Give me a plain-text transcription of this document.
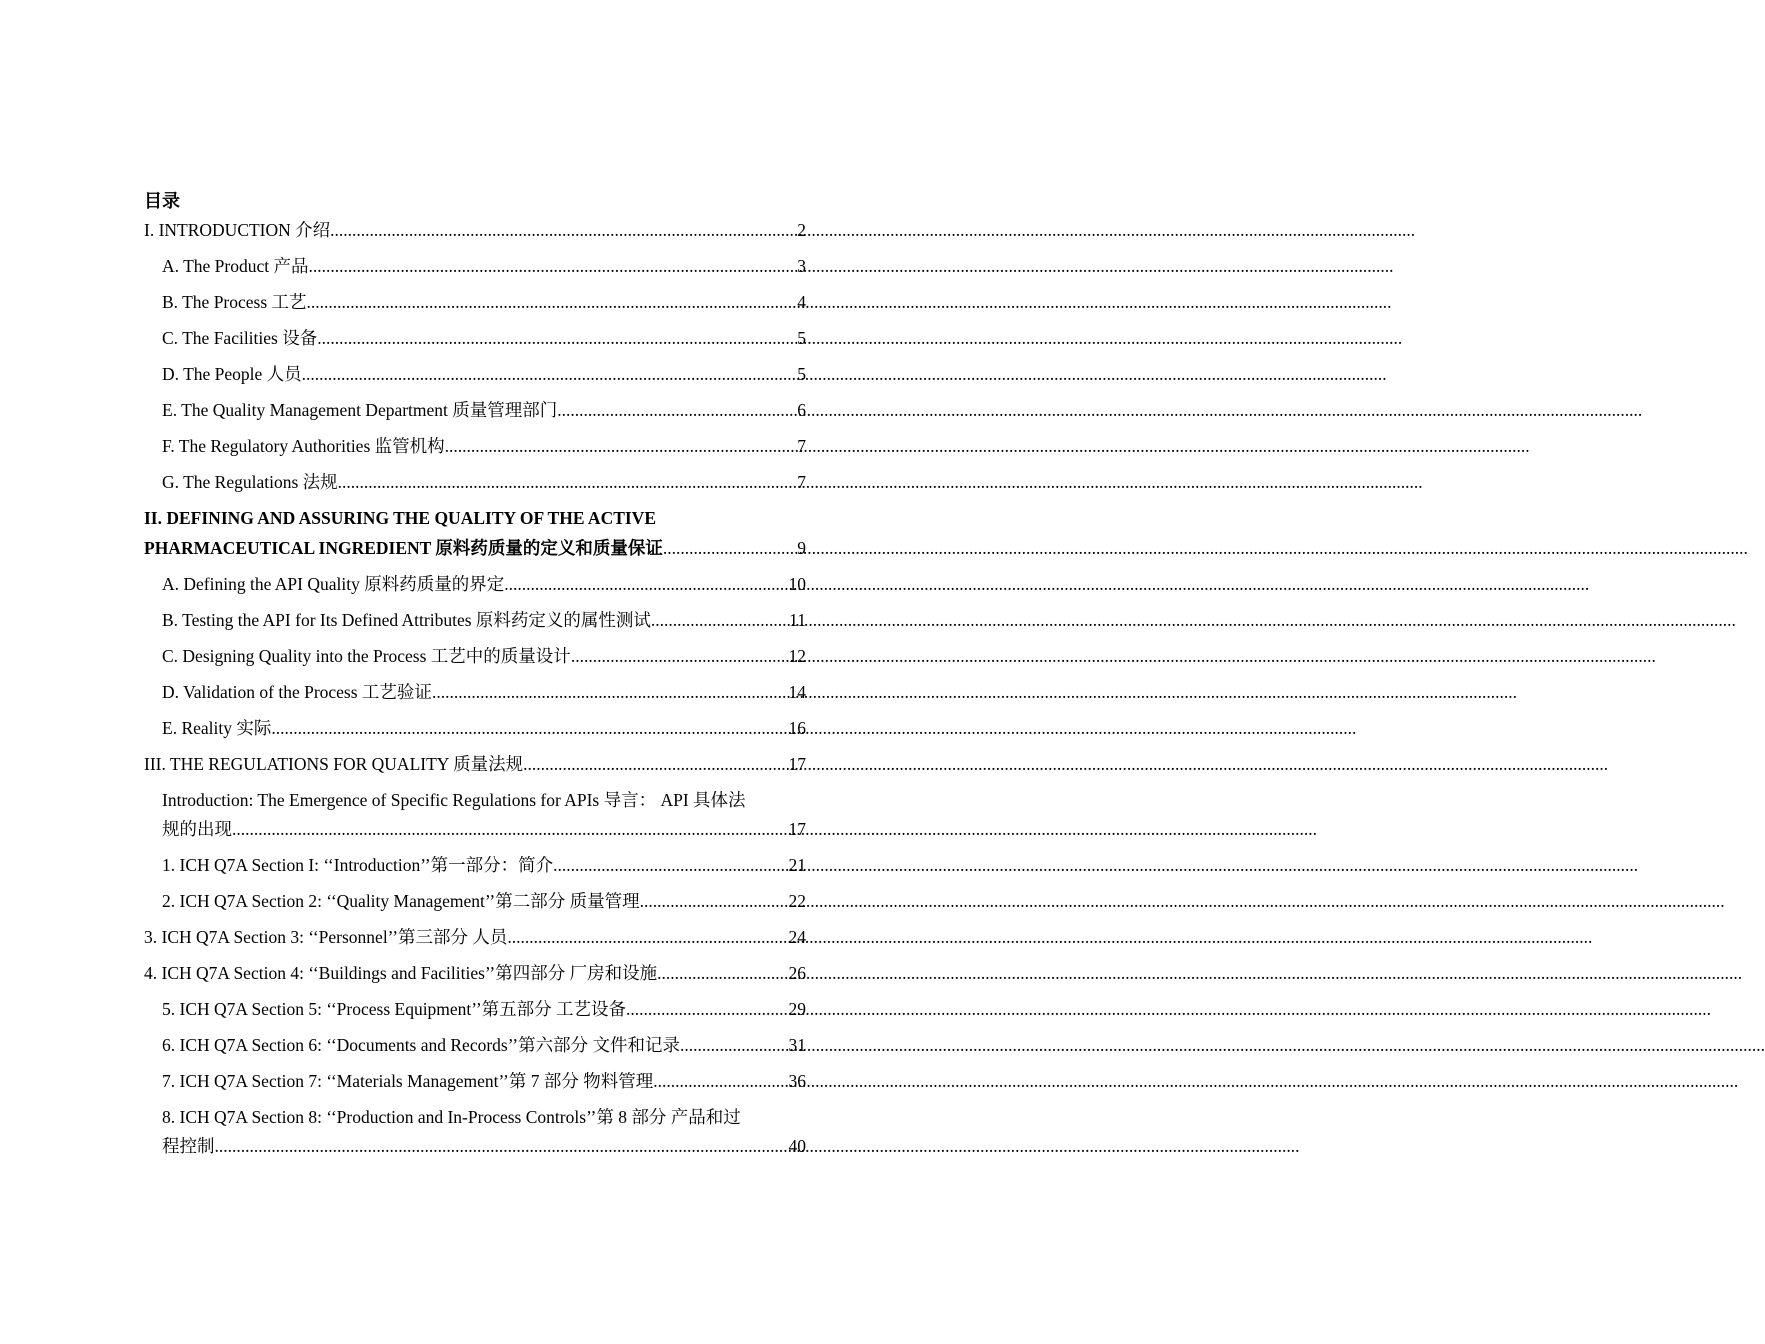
目录
I. INTRODUCTION 介绍 .....	2
A. The Product 产品 .....	3
B. The Process 工艺 .....	4
C. The Facilities 设备 .....	5
D. The People 人员 .....	5
E. The Quality Management Department 质量管理部门 .....	6
F. The Regulatory Authorities 监管机构 .....	7
G. The Regulations 法规 .....	7
II. DEFINING AND ASSURING THE QUALITY OF THE ACTIVE
PHARMACEUTICAL INGREDIENT 原料药质量的定义和质量保证 .....	9
A. Defining the API Quality 原料药质量的界定 .....	10
B. Testing the API for Its Defined Attributes 原料药定义的属性测试 .....	11
C. Designing Quality into the Process 工艺中的质量设计 .....	12
D. Validation of the Process 工艺验证 .....	14
E. Reality 实际 .....	16
III. THE REGULATIONS FOR QUALITY 质量法规 .....	17
Introduction: The Emergence of Specific Regulations for APIs 导言： API 具体法
规的出现 .....	17
1. ICH Q7A Section I: ‘‘Introduction’’第一部分：简介 .....	21
2. ICH Q7A Section 2: ‘‘Quality Management’’第二部分 质量管理 .....	22
3. ICH Q7A Section 3: ‘‘Personnel’’第三部分 人员 .....	24
4. ICH Q7A Section 4: ‘‘Buildings and Facilities’’第四部分 厂房和设施 .....	26
5. ICH Q7A Section 5: ‘‘Process Equipment’’第五部分 工艺设备 .....	29
6. ICH Q7A Section 6: ‘‘Documents and Records’’第六部分 文件和记录 .....	31
7. ICH Q7A Section 7: ‘‘Materials Management’’第 7 部分 物料管理 .....	36
8. ICH Q7A Section 8: ‘‘Production and In-Process Controls’’第 8 部分 产品和过
程控制 .....	40
